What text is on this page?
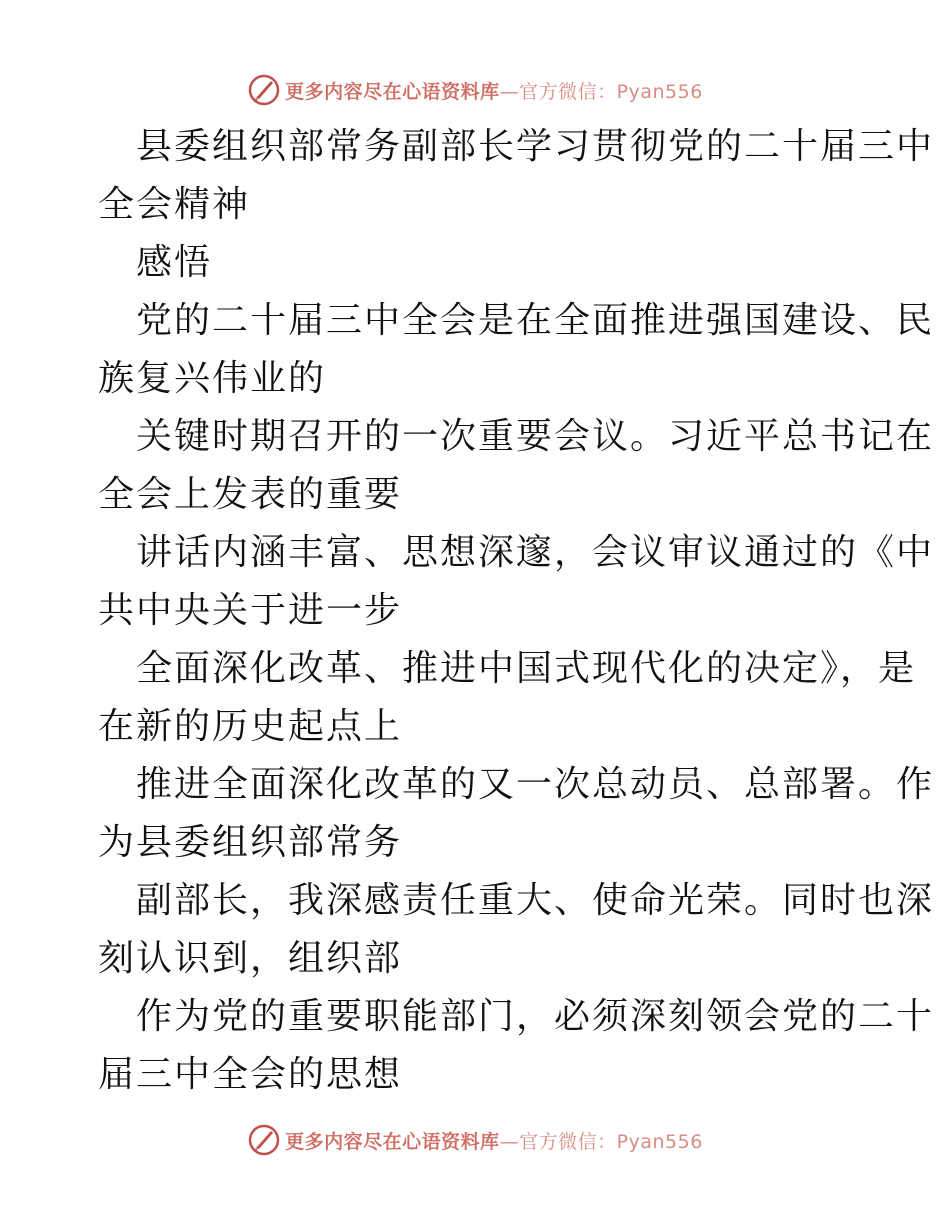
更多内容尽在心语资料库—官方微信：Pyan556
县委组织部常务副部长学习贯彻党的二十届三中
全会精神
感悟
党的二十届三中全会是在全面推进强国建设、民
族复兴伟业的
关键时期召开的一次重要会议。习近平总书记在
全会上发表的重要
讲话内涵丰富、思想深邃，会议审议通过的《中
共中央关于进一步
全面深化改革、推进中国式现代化的决定》，是
在新的历史起点上
推进全面深化改革的又一次总动员、总部署。作
为县委组织部常务
副部长，我深感责任重大、使命光荣。同时也深
刻认识到，组织部
作为党的重要职能部门，必须深刻领会党的二十
届三中全会的思想
更多内容尽在心语资料库—官方微信：Pyan556
